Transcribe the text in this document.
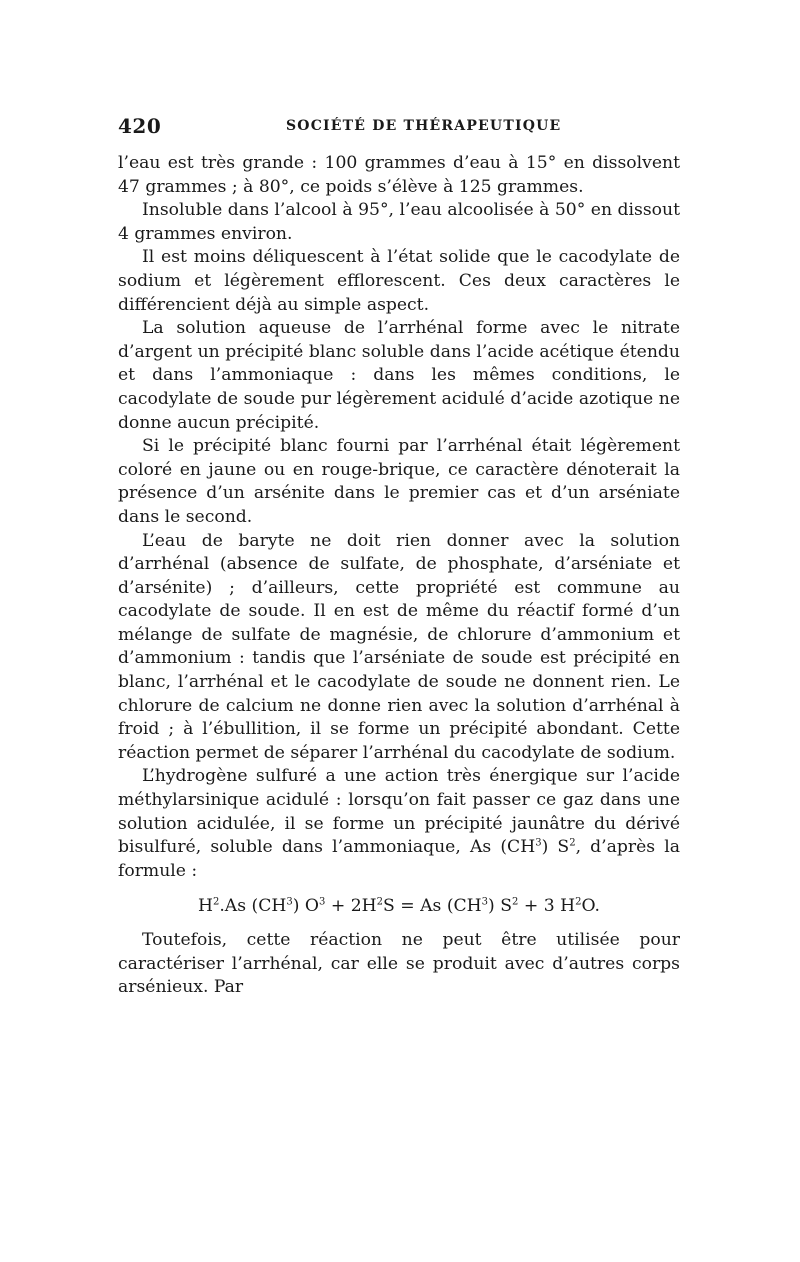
420	SOCIÉTÉ DE THÉRAPEUTIQUE

l’eau est très grande : 100 grammes d’eau à 15° en dissolvent 47 grammes ; à 80°, ce poids s’élève à 125 grammes.

Insoluble dans l’alcool à 95°, l’eau alcoolisée à 50° en dissout 4 grammes environ.

Il est moins déliquescent à l’état solide que le cacodylate de sodium et légèrement efflorescent. Ces deux caractères le différencient déjà au simple aspect.

La solution aqueuse de l’arrhénal forme avec le nitrate d’argent un précipité blanc soluble dans l’acide acétique étendu et dans l’ammoniaque : dans les mêmes conditions, le cacodylate de soude pur légèrement acidulé d’acide azotique ne donne aucun précipité.

Si le précipité blanc fourni par l’arrhénal était légèrement coloré en jaune ou en rouge-brique, ce caractère dénoterait la présence d’un arsénite dans le premier cas et d’un arséniate dans le second.

L’eau de baryte ne doit rien donner avec la solution d’arrhénal (absence de sulfate, de phosphate, d’arséniate et d’arsénite) ; d’ailleurs, cette propriété est commune au cacodylate de soude. Il en est de même du réactif formé d’un mélange de sulfate de magnésie, de chlorure d’ammonium et d’ammonium : tandis que l’arséniate de soude est précipité en blanc, l’arrhénal et le cacodylate de soude ne donnent rien. Le chlorure de calcium ne donne rien avec la solution d’arrhénal à froid ; à l’ébullition, il se forme un précipité abondant. Cette réaction permet de séparer l’arrhénal du cacodylate de sodium.

L’hydrogène sulfuré a une action très énergique sur l’acide méthylarsinique acidulé : lorsqu’on fait passer ce gaz dans une solution acidulée, il se forme un précipité jaunâtre du dérivé bisulfuré, soluble dans l’ammoniaque, As $(CH^3)$ $S^2$, d’après la formule :

$H^2.As$ $(CH^3) O^3 + 2H^2S = As$ $(CH^3) S^2 + 3$ $H^2O$.

Toutefois, cette réaction ne peut être utilisée pour caractériser l’arrhénal, car elle se produit avec d’autres corps arsénieux. Par
